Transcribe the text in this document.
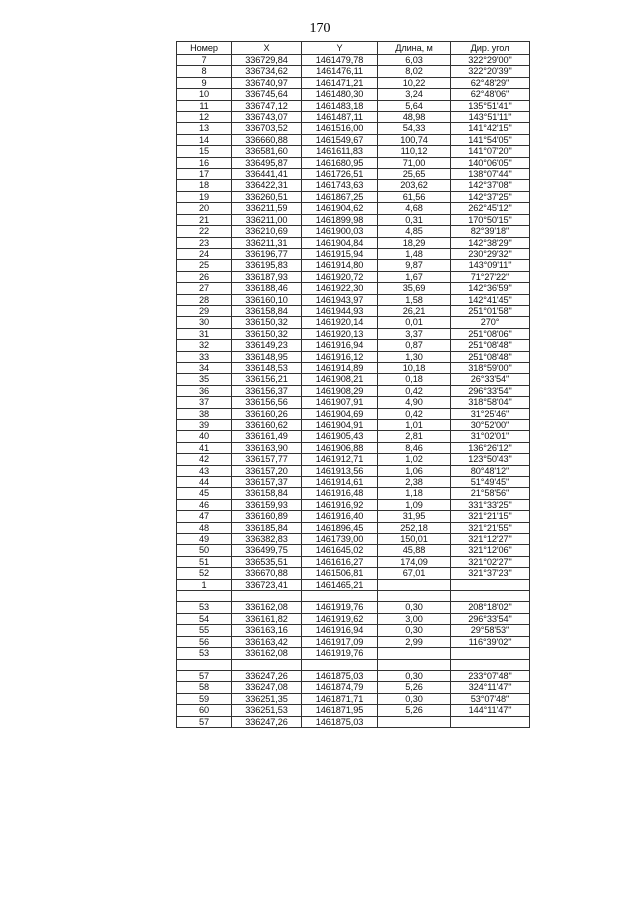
170
Номер	X	Y	Длина, м	Дир. угол
7	336729,84	1461479,78	6,03	322°29'00"
8	336734,62	1461476,11	8,02	322°20'39"
9	336740,97	1461471,21	10,22	62°48'29"
10	336745,64	1461480,30	3,24	62°48'06"
11	336747,12	1461483,18	5,64	135°51'41"
12	336743,07	1461487,11	48,98	143°51'11"
13	336703,52	1461516,00	54,33	141°42'15"
14	336660,88	1461549,67	100,74	141°54'05"
15	336581,60	1461611,83	110,12	141°07'20"
16	336495,87	1461680,95	71,00	140°06'05"
17	336441,41	1461726,51	25,65	138°07'44"
18	336422,31	1461743,63	203,62	142°37'08"
19	336260,51	1461867,25	61,56	142°37'25"
20	336211,59	1461904,62	4,68	262°45'12"
21	336211,00	1461899,98	0,31	170°50'15"
22	336210,69	1461900,03	4,85	82°39'18"
23	336211,31	1461904,84	18,29	142°38'29"
24	336196,77	1461915,94	1,48	230°29'32"
25	336195,83	1461914,80	9,87	143°09'11"
26	336187,93	1461920,72	1,67	71°27'22"
27	336188,46	1461922,30	35,69	142°36'59"
28	336160,10	1461943,97	1,58	142°41'45"
29	336158,84	1461944,93	26,21	251°01'58"
30	336150,32	1461920,14	0,01	270°
31	336150,32	1461920,13	3,37	251°08'06"
32	336149,23	1461916,94	0,87	251°08'48"
33	336148,95	1461916,12	1,30	251°08'48"
34	336148,53	1461914,89	10,18	318°59'00"
35	336156,21	1461908,21	0,18	26°33'54"
36	336156,37	1461908,29	0,42	296°33'54"
37	336156,56	1461907,91	4,90	318°58'04"
38	336160,26	1461904,69	0,42	31°25'46"
39	336160,62	1461904,91	1,01	30°52'00"
40	336161,49	1461905,43	2,81	31°02'01"
41	336163,90	1461906,88	8,46	136°26'12"
42	336157,77	1461912,71	1,02	123°50'43"
43	336157,20	1461913,56	1,06	80°48'12"
44	336157,37	1461914,61	2,38	51°49'45"
45	336158,84	1461916,48	1,18	21°58'56"
46	336159,93	1461916,92	1,09	331°33'25"
47	336160,89	1461916,40	31,95	321°21'15"
48	336185,84	1461896,45	252,18	321°21'55"
49	336382,83	1461739,00	150,01	321°12'27"
50	336499,75	1461645,02	45,88	321°12'06"
51	336535,51	1461616,27	174,09	321°02'27"
52	336670,88	1461506,81	67,01	321°37'23"
1	336723,41	1461465,21		

53	336162,08	1461919,76	0,30	208°18'02"
54	336161,82	1461919,62	3,00	296°33'54"
55	336163,16	1461916,94	0,30	29°58'53"
56	336163,42	1461917,09	2,99	116°39'02"
53	336162,08	1461919,76		

57	336247,26	1461875,03	0,30	233°07'48"
58	336247,08	1461874,79	5,26	324°11'47"
59	336251,35	1461871,71	0,30	53°07'48"
60	336251,53	1461871,95	5,26	144°11'47"
57	336247,26	1461875,03		
